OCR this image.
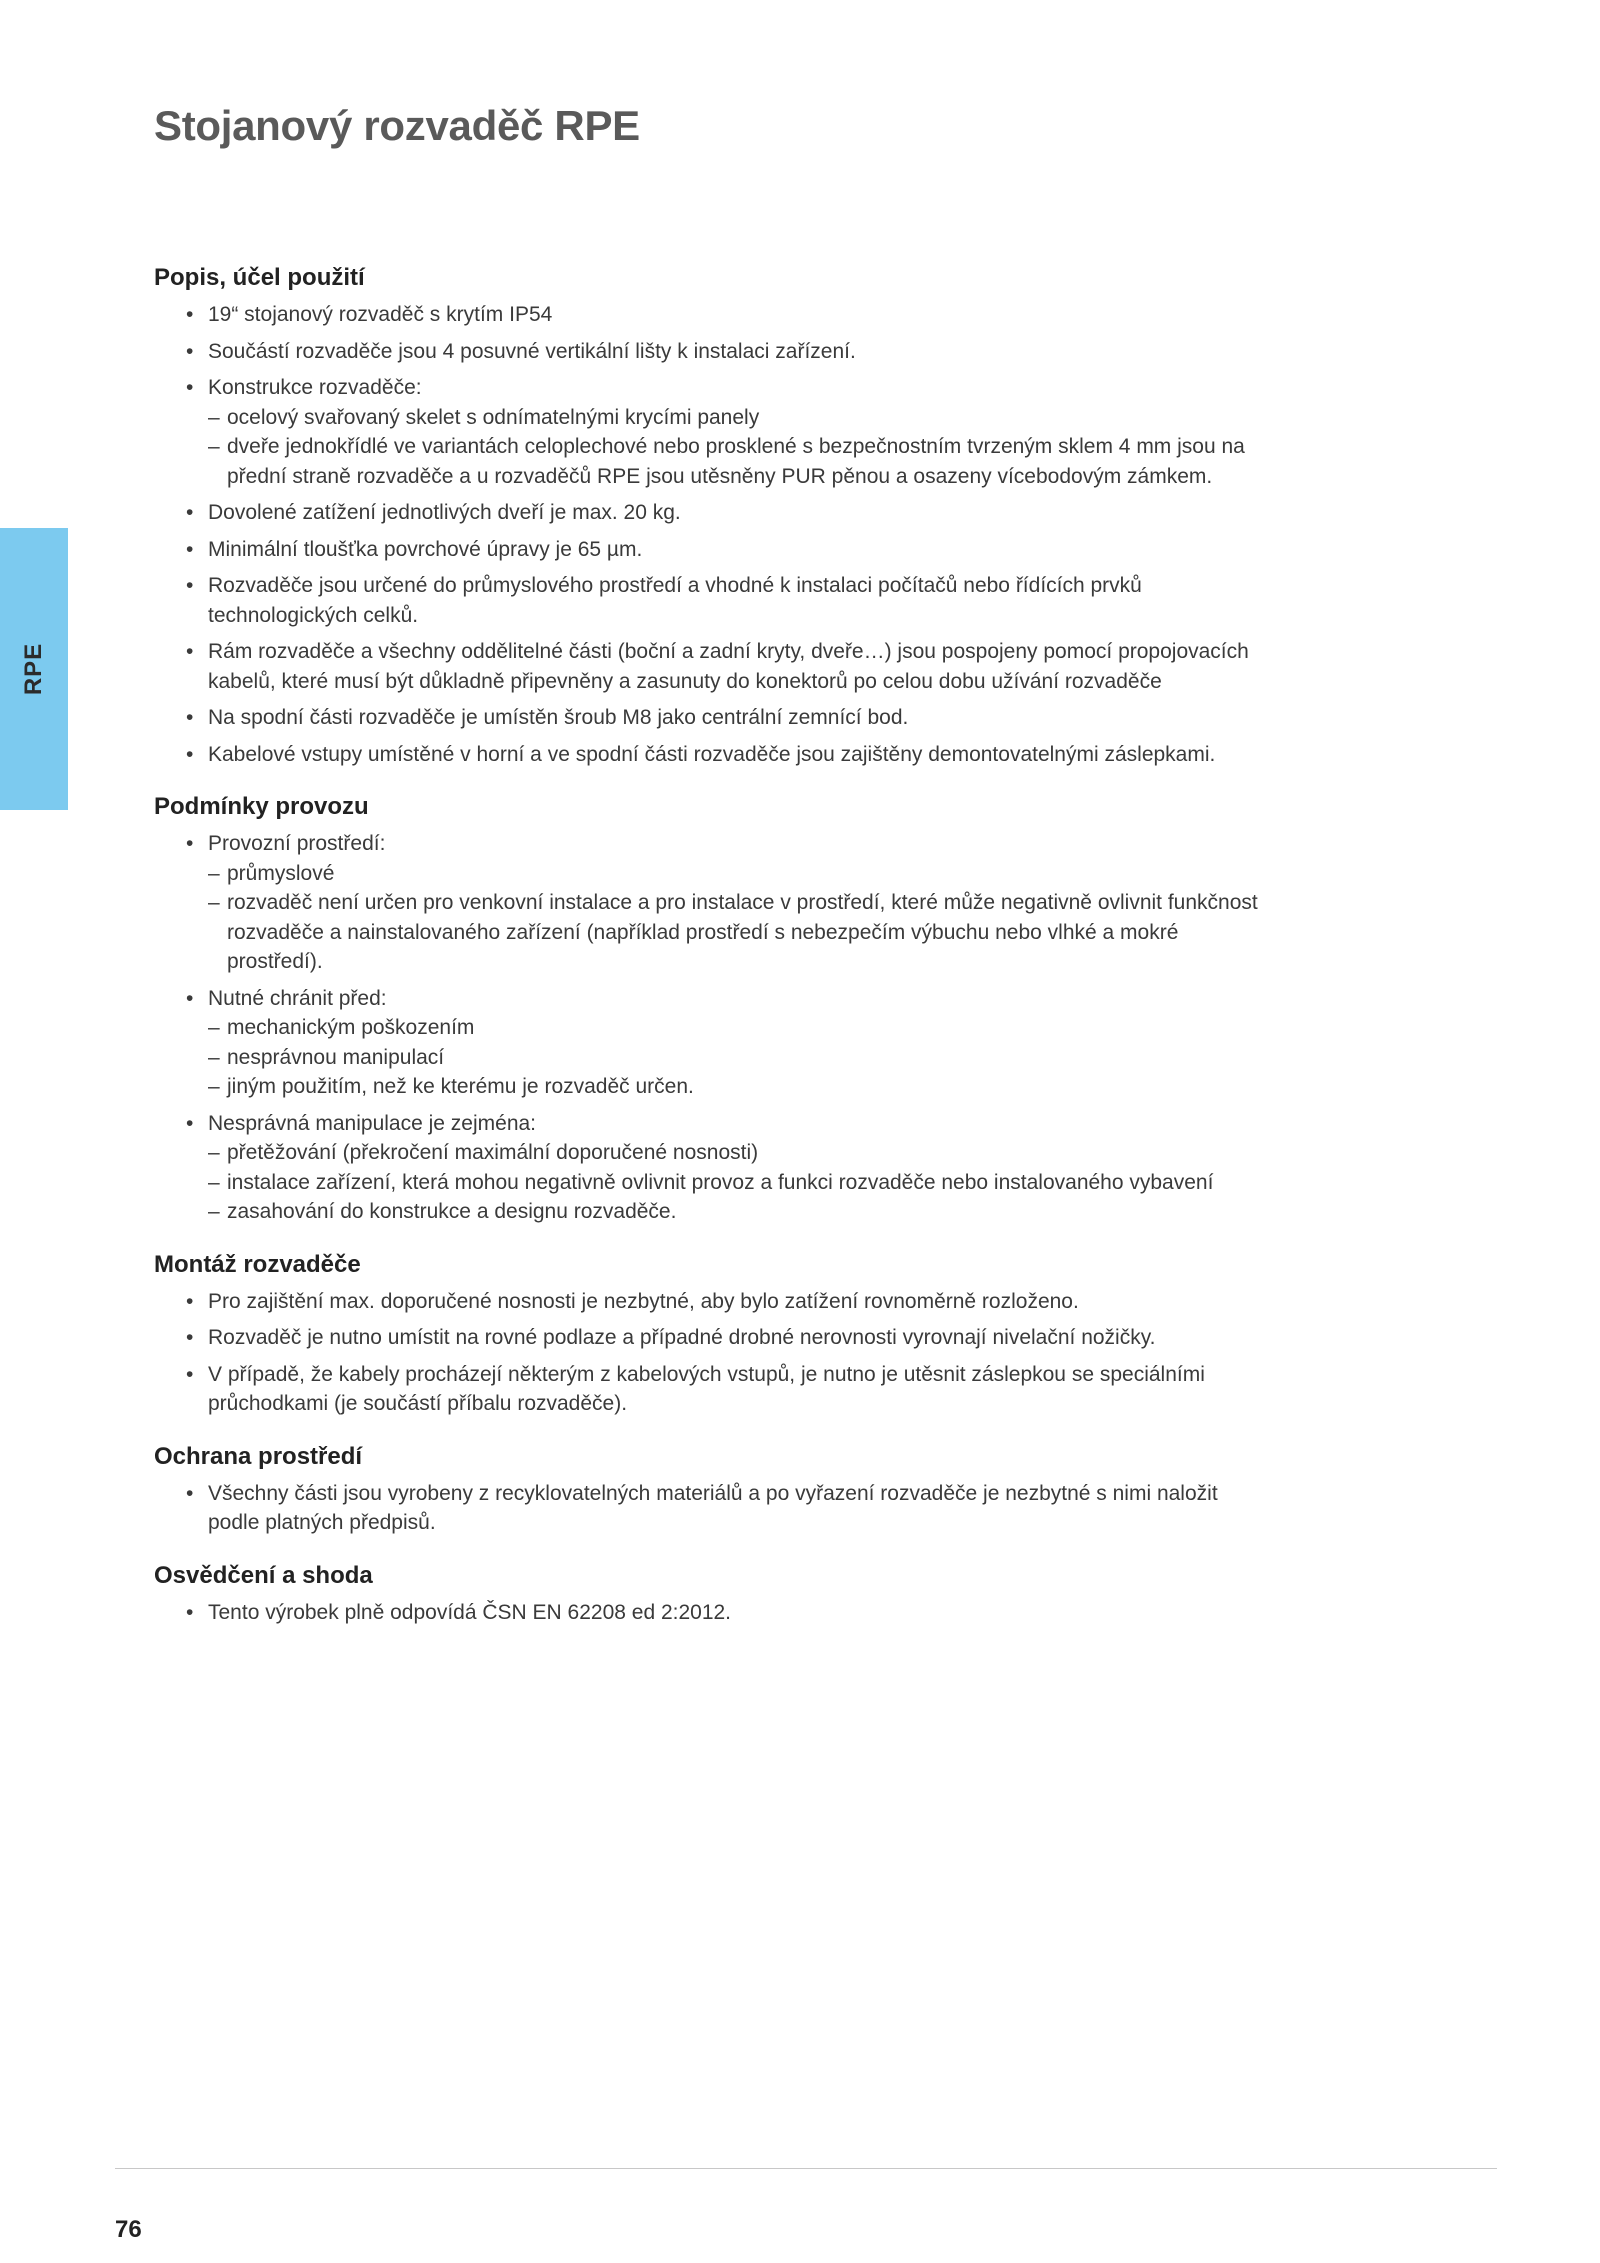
Stojanový rozvaděč RPE
RPE
Popis, účel použití
• 19“ stojanový rozvaděč s krytím IP54
• Součástí rozvaděče jsou 4 posuvné vertikální lišty k instalaci zařízení.
• Konstrukce rozvaděče:
– ocelový svařovaný skelet s odnímatelnými krycími panely
– dveře jednokřídlé ve variantách celoplechové nebo prosklené s bezpečnostním tvrzeným sklem 4 mm jsou na přední straně rozvaděče a u rozvaděčů RPE jsou utěsněny PUR pěnou a osazeny vícebodovým zámkem.
• Dovolené zatížení jednotlivých dveří je max. 20 kg.
• Minimální tloušťka povrchové úpravy je 65 µm.
• Rozvaděče jsou určené do průmyslového prostředí a vhodné k instalaci počítačů nebo řídících prvků technologických celků.
• Rám rozvaděče a všechny oddělitelné části (boční a zadní kryty, dveře…) jsou pospojeny pomocí propojovacích kabelů, které musí být důkladně připevněny a zasunuty do konektorů po celou dobu užívání rozvaděče
• Na spodní části rozvaděče je umístěn šroub M8 jako centrální zemnící bod.
• Kabelové vstupy umístěné v horní a ve spodní části rozvaděče jsou zajištěny demontovatelnými záslepkami.
Podmínky provozu
• Provozní prostředí:
– průmyslové
– rozvaděč není určen pro venkovní instalace a pro instalace v prostředí, které může negativně ovlivnit funkčnost rozvaděče a nainstalovaného zařízení (například prostředí s nebezpečím výbuchu nebo vlhké a mokré prostředí).
• Nutné chránit před:
– mechanickým poškozením
– nesprávnou manipulací
– jiným použitím, než ke kterému je rozvaděč určen.
• Nesprávná manipulace je zejména:
– přetěžování (překročení maximální doporučené nosnosti)
– instalace zařízení, která mohou negativně ovlivnit provoz a funkci rozvaděče nebo instalovaného vybavení
– zasahování do konstrukce a designu rozvaděče.
Montáž rozvaděče
• Pro zajištění max. doporučené nosnosti je nezbytné, aby bylo zatížení rovnoměrně rozloženo.
• Rozvaděč je nutno umístit na rovné podlaze a případné drobné nerovnosti vyrovnají nivelační nožičky.
• V případě, že kabely procházejí některým z kabelových vstupů, je nutno je utěsnit záslepkou se speciálními průchodkami (je součástí příbalu rozvaděče).
Ochrana prostředí
• Všechny části jsou vyrobeny z recyklovatelných materiálů a po vyřazení rozvaděče je nezbytné s nimi naložit podle platných předpisů.
Osvědčení a shoda
• Tento výrobek plně odpovídá ČSN EN 62208 ed 2:2012.
76
